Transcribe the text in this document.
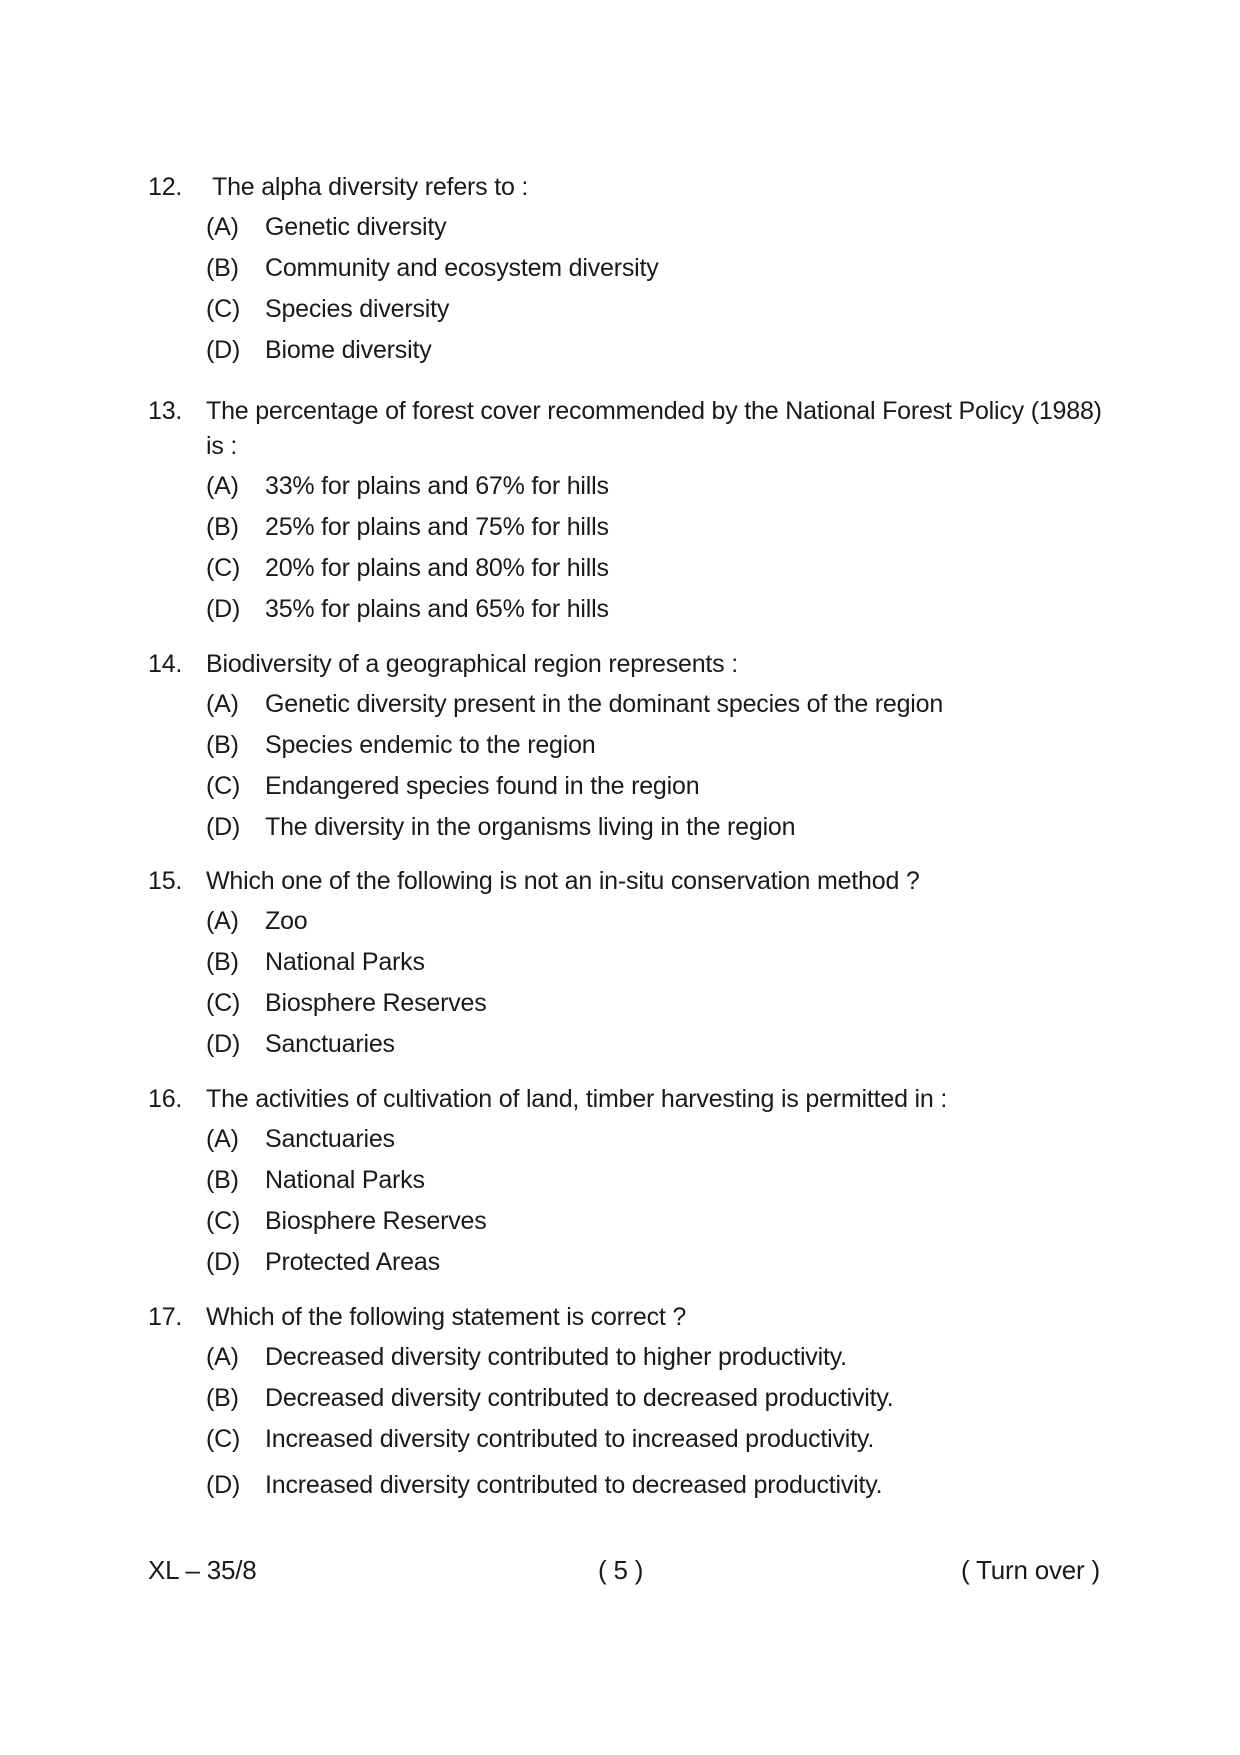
12. The alpha diversity refers to :
(A) Genetic diversity
(B) Community and ecosystem diversity
(C) Species diversity
(D) Biome diversity
13. The percentage of forest cover recommended by the National Forest Policy (1988) is :
(A) 33% for plains and 67% for hills
(B) 25% for plains and 75% for hills
(C) 20% for plains and 80% for hills
(D) 35% for plains and 65% for hills
14. Biodiversity of a geographical region represents :
(A) Genetic diversity present in the dominant species of the region
(B) Species endemic to the region
(C) Endangered species found in the region
(D) The diversity in the organisms living in the region
15. Which one of the following is not an in-situ conservation method ?
(A) Zoo
(B) National Parks
(C) Biosphere Reserves
(D) Sanctuaries
16. The activities of cultivation of land, timber harvesting is permitted in :
(A) Sanctuaries
(B) National Parks
(C) Biosphere Reserves
(D) Protected Areas
17. Which of the following statement is correct ?
(A) Decreased diversity contributed to higher productivity.
(B) Decreased diversity contributed to decreased productivity.
(C) Increased diversity contributed to increased productivity.
(D) Increased diversity contributed to decreased productivity.
XL – 35/8	( 5 )	( Turn over )
